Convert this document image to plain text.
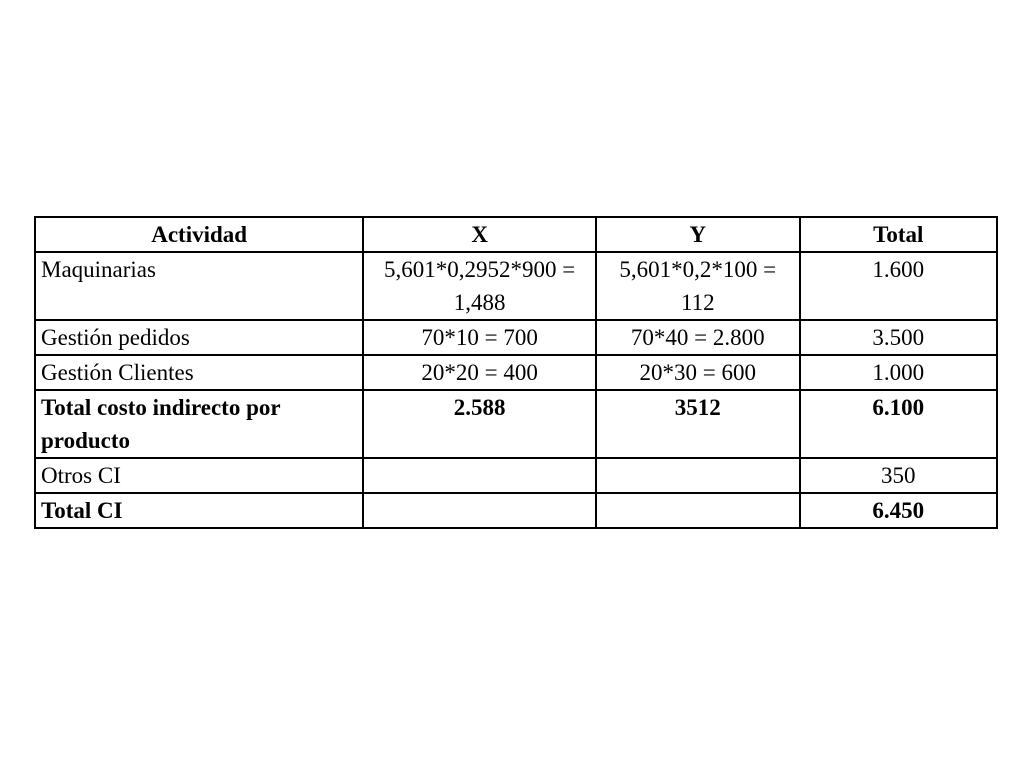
Actividad	X	Y	Total
Maquinarias	5,601*0,2952*900 = 1,488	5,601*0,2*100 = 112	1.600
Gestión pedidos	70*10 = 700	70*40 = 2.800	3.500
Gestión Clientes	20*20 = 400	20*30 = 600	1.000
Total costo indirecto por producto	2.588	3512	6.100
Otros CI			350
Total CI			6.450
